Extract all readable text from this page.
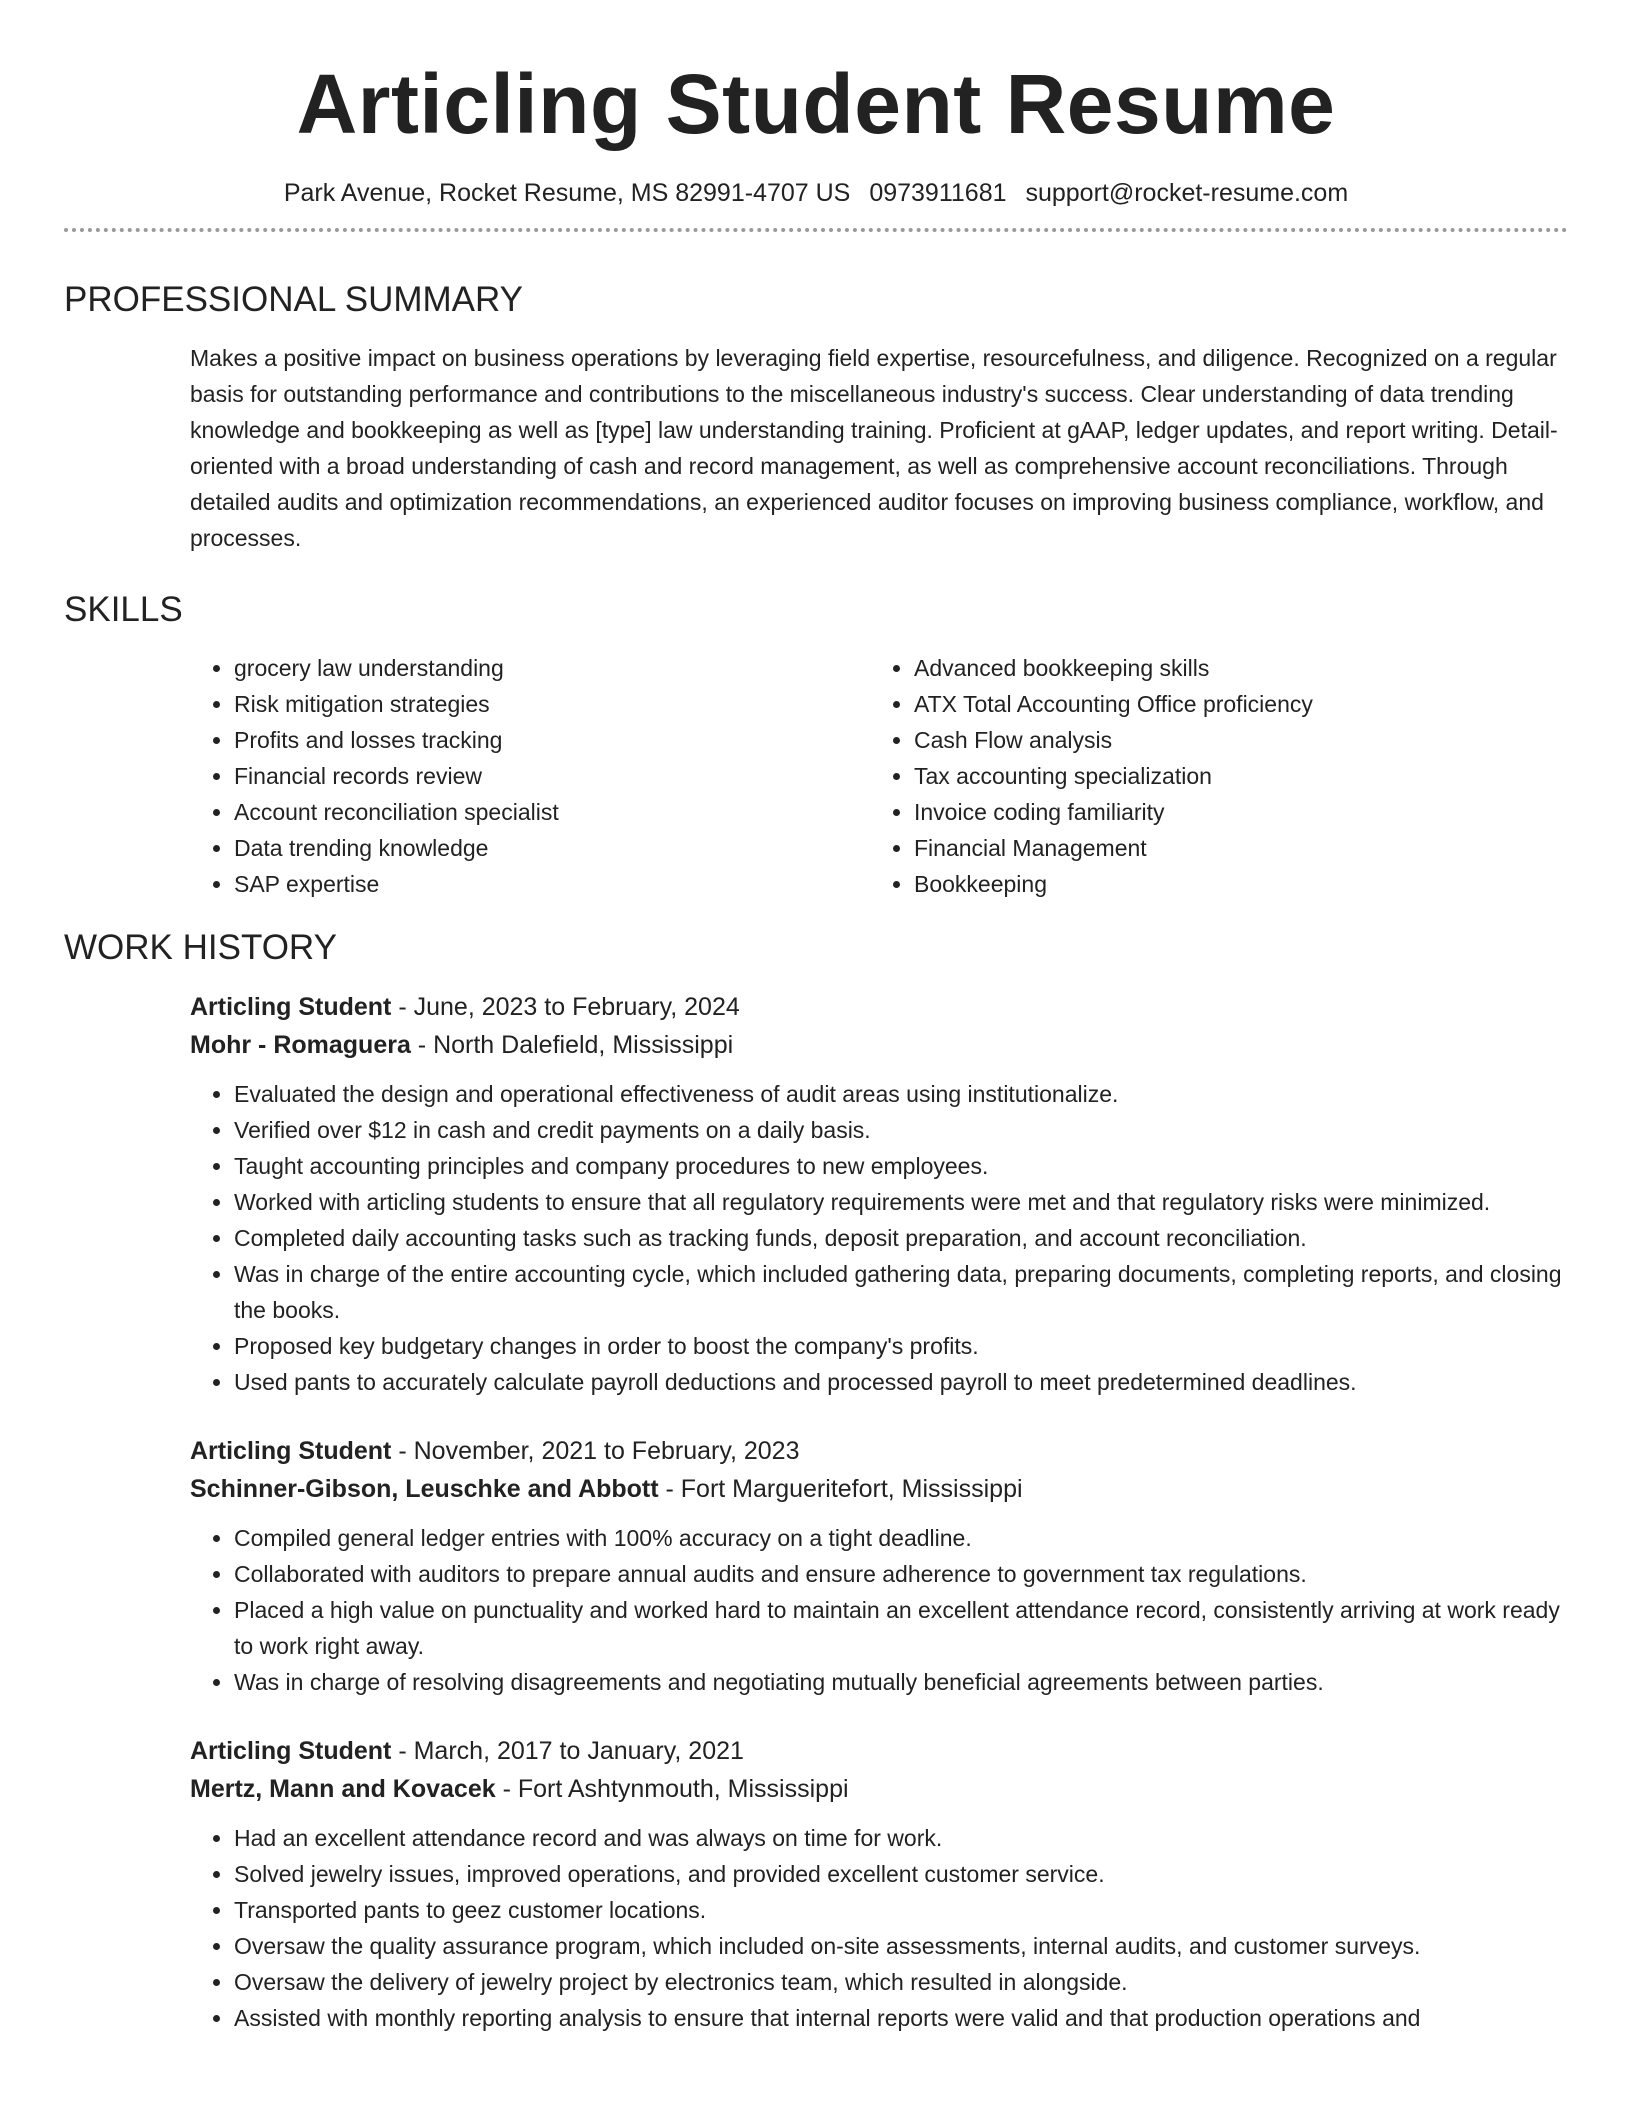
Articling Student Resume
Park Avenue, Rocket Resume, MS 82991-4707 US 0973911681 support@rocket-resume.com
PROFESSIONAL SUMMARY
Makes a positive impact on business operations by leveraging field expertise, resourcefulness, and diligence. Recognized on a regular basis for outstanding performance and contributions to the miscellaneous industry's success. Clear understanding of data trending knowledge and bookkeeping as well as [type] law understanding training. Proficient at gAAP, ledger updates, and report writing. Detail-oriented with a broad understanding of cash and record management, as well as comprehensive account reconciliations. Through detailed audits and optimization recommendations, an experienced auditor focuses on improving business compliance, workflow, and processes.
SKILLS
• grocery law understanding
• Risk mitigation strategies
• Profits and losses tracking
• Financial records review
• Account reconciliation specialist
• Data trending knowledge
• SAP expertise
• Advanced bookkeeping skills
• ATX Total Accounting Office proficiency
• Cash Flow analysis
• Tax accounting specialization
• Invoice coding familiarity
• Financial Management
• Bookkeeping
WORK HISTORY
Articling Student - June, 2023 to February, 2024
Mohr - Romaguera - North Dalefield, Mississippi
• Evaluated the design and operational effectiveness of audit areas using institutionalize.
• Verified over $12 in cash and credit payments on a daily basis.
• Taught accounting principles and company procedures to new employees.
• Worked with articling students to ensure that all regulatory requirements were met and that regulatory risks were minimized.
• Completed daily accounting tasks such as tracking funds, deposit preparation, and account reconciliation.
• Was in charge of the entire accounting cycle, which included gathering data, preparing documents, completing reports, and closing the books.
• Proposed key budgetary changes in order to boost the company's profits.
• Used pants to accurately calculate payroll deductions and processed payroll to meet predetermined deadlines.
Articling Student - November, 2021 to February, 2023
Schinner-Gibson, Leuschke and Abbott - Fort Margueritefort, Mississippi
• Compiled general ledger entries with 100% accuracy on a tight deadline.
• Collaborated with auditors to prepare annual audits and ensure adherence to government tax regulations.
• Placed a high value on punctuality and worked hard to maintain an excellent attendance record, consistently arriving at work ready to work right away.
• Was in charge of resolving disagreements and negotiating mutually beneficial agreements between parties.
Articling Student - March, 2017 to January, 2021
Mertz, Mann and Kovacek - Fort Ashtynmouth, Mississippi
• Had an excellent attendance record and was always on time for work.
• Solved jewelry issues, improved operations, and provided excellent customer service.
• Transported pants to geez customer locations.
• Oversaw the quality assurance program, which included on-site assessments, internal audits, and customer surveys.
• Oversaw the delivery of jewelry project by electronics team, which resulted in alongside.
• Assisted with monthly reporting analysis to ensure that internal reports were valid and that production operations and
